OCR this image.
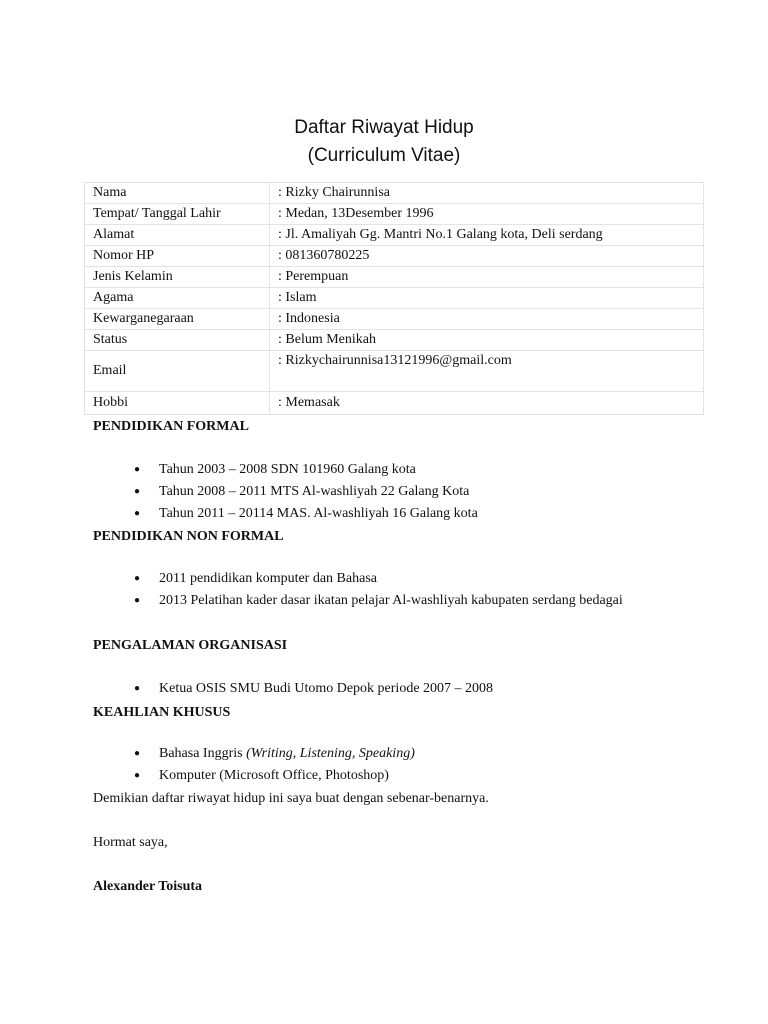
Daftar Riwayat Hidup
(Curriculum Vitae)
Nama	: Rizky Chairunnisa
Tempat/ Tanggal Lahir	: Medan, 13Desember 1996
Alamat	: Jl. Amaliyah Gg. Mantri No.1 Galang kota, Deli serdang
Nomor HP	: 081360780225
Jenis Kelamin	: Perempuan
Agama	: Islam
Kewarganegaraan	: Indonesia
Status	: Belum Menikah
Email	: Rizkychairunnisa13121996@gmail.com
Hobbi	: Memasak
PENDIDIKAN FORMAL
● Tahun 2003 – 2008 SDN 101960 Galang kota
● Tahun 2008 – 2011 MTS Al-washliyah 22 Galang Kota
● Tahun 2011 – 20114 MAS. Al-washliyah 16 Galang kota
PENDIDIKAN NON FORMAL
● 2011 pendidikan komputer dan Bahasa
● 2013 Pelatihan kader dasar ikatan pelajar Al-washliyah kabupaten serdang bedagai
PENGALAMAN ORGANISASI
● Ketua OSIS SMU Budi Utomo Depok periode 2007 – 2008
KEAHLIAN KHUSUS
● Bahasa Inggris (Writing, Listening, Speaking)
● Komputer (Microsoft Office, Photoshop)
Demikian daftar riwayat hidup ini saya buat dengan sebenar-benarnya.
Hormat saya,
Alexander Toisuta
